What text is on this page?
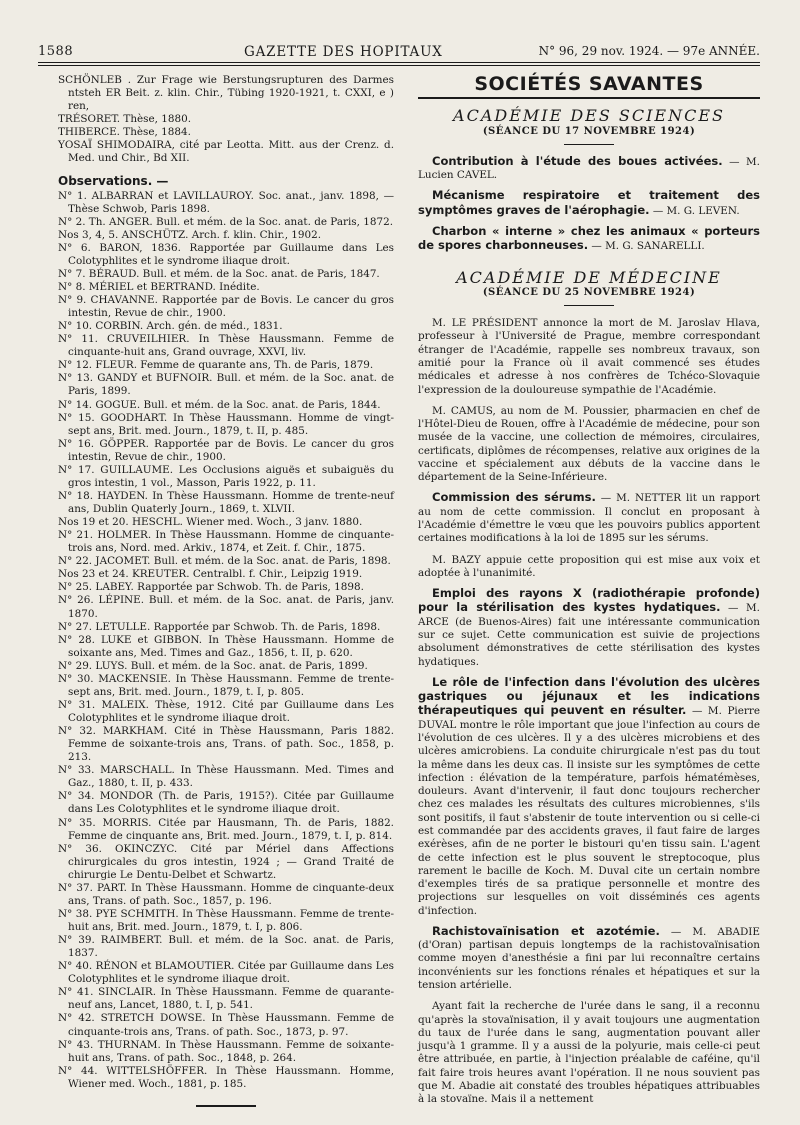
1588	GAZETTE DES HOPITAUX	N° 96, 29 nov. 1924. — 97e ANNÉE.

SCHÖNLEB . Zur Frage wie Berstungsrupturen des Darmes ntsteh ER Beit. z. klin. Chir., Tübing 1920-1921, t. CXXI, e ) ren,

TRÉSORET. Thèse, 1880.

THIBERCE. Thèse, 1884.

YOSAÏ SHIMODAIRA, cité par Leotta. Mitt. aus der Crenz. d. Med. und Chir., Bd XII.

Observations. —

N° 1. ALBARRAN et LAVILLAUROY. Soc. anat., janv. 1898, — Thèse Schwob, Paris 1898.

N° 2. Th. ANGER. Bull. et mém. de la Soc. anat. de Paris, 1872.

Nos 3, 4, 5. ANSCHÜTZ. Arch. f. klin. Chir., 1902.

N° 6. BARON, 1836. Rapportée par Guillaume dans Les Colotyphlites et le syndrome iliaque droit.

N° 7. BÉRAUD. Bull. et mém. de la Soc. anat. de Paris, 1847.

N° 8. MÉRIEL et BERTRAND. Inédite.

N° 9. CHAVANNE. Rapportée par de Bovis. Le cancer du gros intestin, Revue de chir., 1900.

N° 10. CORBIN. Arch. gén. de méd., 1831.

N° 11. CRUVEILHIER. In Thèse Haussmann. Femme de cinquante-huit ans, Grand ouvrage, XXVI, liv.

N° 12. FLEUR. Femme de quarante ans, Th. de Paris, 1879.

N° 13. GANDY et BUFNOIR. Bull. et mém. de la Soc. anat. de Paris, 1899.

N° 14. GOGUE. Bull. et mém. de la Soc. anat. de Paris, 1844.

N° 15. GOODHART. In Thèse Haussmann. Homme de vingt-sept ans, Brit. med. Journ., 1879, t. II, p. 485.

N° 16. GÖPPER. Rapportée par de Bovis. Le cancer du gros intestin, Revue de chir., 1900.

N° 17. GUILLAUME. Les Occlusions aiguës et subaiguës du gros intestin, 1 vol., Masson, Paris 1922, p. 11.

N° 18. HAYDEN. In Thèse Haussmann. Homme de trente-neuf ans, Dublin Quaterly Journ., 1869, t. XLVII.

Nos 19 et 20. HESCHL. Wiener med. Woch., 3 janv. 1880.

N° 21. HOLMER. In Thèse Haussmann. Homme de cinquante-trois ans, Nord. med. Arkiv., 1874, et Zeit. f. Chir., 1875.

N° 22. JACOMET. Bull. et mém. de la Soc. anat. de Paris, 1898.

Nos 23 et 24. KREUTER. Centralbl. f. Chir., Leipzig 1919.

N° 25. LABEY. Rapportée par Schwob. Th. de Paris, 1898.

N° 26. LÉPINE. Bull. et mém. de la Soc. anat. de Paris, janv. 1870.

N° 27. LETULLE. Rapportée par Schwob. Th. de Paris, 1898.

N° 28. LUKE et GIBBON. In Thèse Haussmann. Homme de soixante ans, Med. Times and Gaz., 1856, t. II, p. 620.

N° 29. LUYS. Bull. et mém. de la Soc. anat. de Paris, 1899.

N° 30. MACKENSIE. In Thèse Haussmann. Femme de trente-sept ans, Brit. med. Journ., 1879, t. I, p. 805.

N° 31. MALEIX. Thèse, 1912. Cité par Guillaume dans Les Colotyphlites et le syndrome iliaque droit.

N° 32. MARKHAM. Cité in Thèse Haussmann, Paris 1882. Femme de soixante-trois ans, Trans. of path. Soc., 1858, p. 213.

N° 33. MARSCHALL. In Thèse Haussmann. Med. Times and Gaz., 1880, t. II, p. 433.

N° 34. MONDOR (Th. de Paris, 1915?). Citée par Guillaume dans Les Colotyphlites et le syndrome iliaque droit.

N° 35. MORRIS. Citée par Hausmann, Th. de Paris, 1882. Femme de cinquante ans, Brit. med. Journ., 1879, t. I, p. 814.

N° 36. OKINCZYC. Cité par Mériel dans Affections chirurgicales du gros intestin, 1924 ; — Grand Traité de chirurgie Le Dentu-Delbet et Schwartz.

N° 37. PART. In Thèse Haussmann. Homme de cinquante-deux ans, Trans. of path. Soc., 1857, p. 196.

N° 38. PYE SCHMITH. In Thèse Haussmann. Femme de trente-huit ans, Brit. med. Journ., 1879, t. I, p. 806.

N° 39. RAIMBERT. Bull. et mém. de la Soc. anat. de Paris, 1837.

N° 40. RÉNON et BLAMOUTIER. Citée par Guillaume dans Les Colotyphlites et le syndrome iliaque droit.

N° 41. SINCLAIR. In Thèse Haussmann. Femme de quarante-neuf ans, Lancet, 1880, t. I, p. 541.

N° 42. STRETCH DOWSE. In Thèse Haussmann. Femme de cinquante-trois ans, Trans. of path. Soc., 1873, p. 97.

N° 43. THURNAM. In Thèse Haussmann. Femme de soixante-huit ans, Trans. of path. Soc., 1848, p. 264.

N° 44. WITTELSHÖFFER. In Thèse Haussmann. Homme, Wiener med. Woch., 1881, p. 185.

SOCIÉTÉS SAVANTES
ACADÉMIE DES SCIENCES
(SÉANCE DU 17 NOVEMBRE 1924)

Contribution à l'étude des boues activées. — M. Lucien CAVEL.

Mécanisme respiratoire et traitement des symptômes graves de l'aérophagie. — M. G. LEVEN.

Charbon « interne » chez les animaux « porteurs de spores charbonneuses. — M. G. SANARELLI.

ACADÉMIE DE MÉDECINE
(SÉANCE DU 25 NOVEMBRE 1924)

M. LE PRÉSIDENT annonce la mort de M. Jaroslav Hlava, professeur à l'Université de Prague, membre correspondant étranger de l'Académie, rappelle ses nombreux travaux, son amitié pour la France où il avait commencé ses études médicales et adresse à nos confrères de Tchéco-Slovaquie l'expression de la douloureuse sympathie de l'Académie.

M. CAMUS, au nom de M. Poussier, pharmacien en chef de l'Hôtel-Dieu de Rouen, offre à l'Académie de médecine, pour son musée de la vaccine, une collection de mémoires, circulaires, certificats, diplômes de récompenses, relative aux origines de la vaccine et spécialement aux débuts de la vaccine dans le département de la Seine-Inférieure.

Commission des sérums. — M. NETTER lit un rapport au nom de cette commission. Il conclut en proposant à l'Académie d'émettre le vœu que les pouvoirs publics apportent certaines modifications à la loi de 1895 sur les sérums.

M. BAZY appuie cette proposition qui est mise aux voix et adoptée à l'unanimité.

Emploi des rayons X (radiothérapie profonde) pour la stérilisation des kystes hydatiques. — M. ARCE (de Buenos-Aires) fait une intéressante communication sur ce sujet. Cette communication est suivie de projections absolument démonstratives de cette stérilisation des kystes hydatiques.

Le rôle de l'infection dans l'évolution des ulcères gastriques ou jéjunaux et les indications thérapeutiques qui peuvent en résulter. — M. Pierre DUVAL montre le rôle important que joue l'infection au cours de l'évolution de ces ulcères. Il y a des ulcères microbiens et des ulcères amicrobiens. La conduite chirurgicale n'est pas du tout la même dans les deux cas. Il insiste sur les symptômes de cette infection : élévation de la température, parfois hématémèses, douleurs. Avant d'intervenir, il faut donc toujours rechercher chez ces malades les résultats des cultures microbiennes, s'ils sont positifs, il faut s'abstenir de toute intervention ou si celle-ci est commandée par des accidents graves, il faut faire de larges exérèses, afin de ne porter le bistouri qu'en tissu sain. L'agent de cette infection est le plus souvent le streptocoque, plus rarement le bacille de Koch. M. Duval cite un certain nombre d'exemples tirés de sa pratique personnelle et montre des projections sur lesquelles on voit disséminés ces agents d'infection.

Rachistovaïnisation et azotémie. — M. ABADIE (d'Oran) partisan depuis longtemps de la rachistovaïnisation comme moyen d'anesthésie a fini par lui reconnaître certains inconvénients sur les fonctions rénales et hépatiques et sur la tension artérielle.

Ayant fait la recherche de l'urée dans le sang, il a reconnu qu'après la stovaïnisation, il y avait toujours une augmentation du taux de l'urée dans le sang, augmentation pouvant aller jusqu'à 1 gramme. Il y a aussi de la polyurie, mais celle-ci peut être attribuée, en partie, à l'injection préalable de caféine, qu'il fait faire trois heures avant l'opération. Il ne nous souvient pas que M. Abadie ait constaté des troubles hépatiques attribuables à la stovaïne. Mais il a nettement
